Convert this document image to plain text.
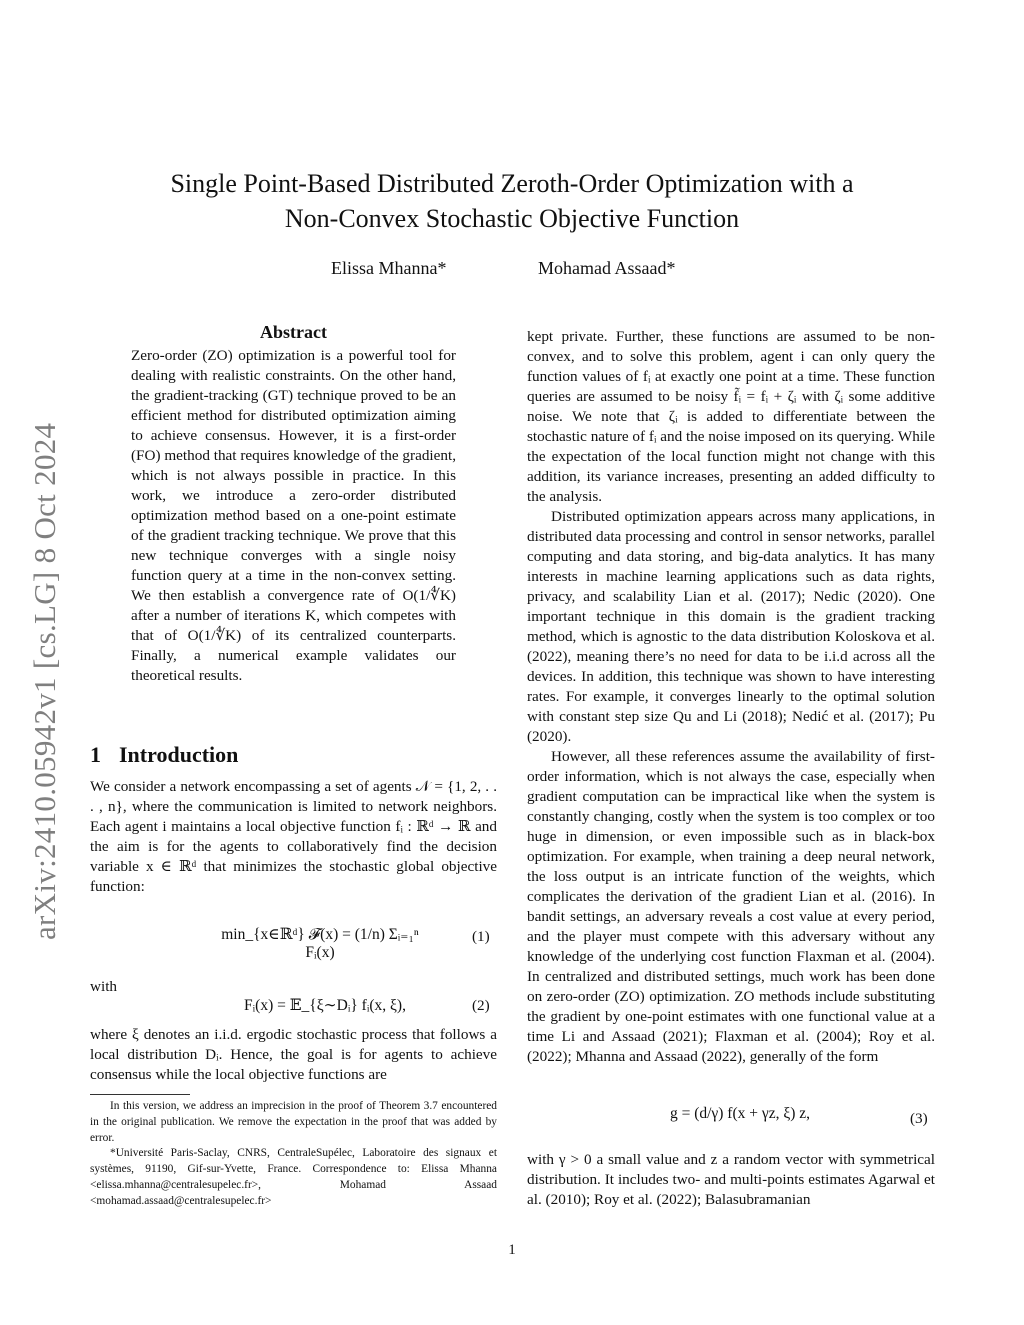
arXiv:2410.05942v1 [cs.LG] 8 Oct 2024
Single Point-Based Distributed Zeroth-Order Optimization with a
Non-Convex Stochastic Objective Function
Elissa Mhanna*	Mohamad Assaad*
Abstract
Zero-order (ZO) optimization is a powerful tool for dealing with realistic constraints. On the other hand, the gradient-tracking (GT) technique proved to be an efficient method for distributed optimization aiming to achieve consensus. However, it is a first-order (FO) method that requires knowledge of the gradient, which is not always possible in practice. In this work, we introduce a zero-order distributed optimization method based on a one-point estimate of the gradient tracking technique. We prove that this new technique converges with a single noisy function query at a time in the non-convex setting. We then establish a convergence rate of O(1/∜K) after a number of iterations K, which competes with that of O(1/∜K) of its centralized counterparts. Finally, a numerical example validates our theoretical results.
1 Introduction

We consider a network encompassing a set of agents 𝒩 = {1, 2, . . . , n}, where the communication is limited to network neighbors. Each agent i maintains a local objective function fᵢ : ℝᵈ → ℝ and the aim is for the agents to collaboratively find the decision variable x ∈ ℝᵈ that minimizes the stochastic global objective function:

min_{x∈ℝᵈ} 𝓕(x) = (1/n) Σᵢ₌₁ⁿ Fᵢ(x)
(1)
with
Fᵢ(x) = 𝔼_{ξ∼Dᵢ} fᵢ(x, ξ),	(2)

where ξ denotes an i.i.d. ergodic stochastic process that follows a local distribution Dᵢ. Hence, the goal is for agents to achieve consensus while the local objective functions are

In this version, we address an imprecision in the proof of Theorem 3.7 encountered in the original publication. We remove the expectation in the proof that was added by error.

*Université Paris-Saclay, CNRS, CentraleSupélec, Laboratoire des signaux et systèmes, 91190, Gif-sur-Yvette, France. Correspondence to: Elissa Mhanna <elissa.mhanna@centralesupelec.fr>, Mohamad Assaad <mohamad.assaad@centralesupelec.fr>

kept private. Further, these functions are assumed to be non-convex, and to solve this problem, agent i can only query the function values of fᵢ at exactly one point at a time. These function queries are assumed to be noisy f̃ᵢ = fᵢ + ζᵢ with ζᵢ some additive noise. We note that ζᵢ is added to differentiate between the stochastic nature of fᵢ and the noise imposed on its querying. While the expectation of the local function might not change with this addition, its variance increases, presenting an added difficulty to the analysis.

Distributed optimization appears across many applications, in distributed data processing and control in sensor networks, parallel computing and data storing, and big-data analytics. It has many interests in machine learning applications such as data rights, privacy, and scalability Lian et al. (2017); Nedic (2020). One important technique in this domain is the gradient tracking method, which is agnostic to the data distribution Koloskova et al. (2022), meaning there’s no need for data to be i.i.d across all the devices. In addition, this technique was shown to have interesting rates. For example, it converges linearly to the optimal solution with constant step size Qu and Li (2018); Nedić et al. (2017); Pu (2020).

However, all these references assume the availability of first-order information, which is not always the case, especially when gradient computation can be impractical like when the system is constantly changing, costly when the system is too complex or too huge in dimension, or even impossible such as in black-box optimization. For example, when training a deep neural network, the loss output is an intricate function of the weights, which complicates the derivation of the gradient Lian et al. (2016). In bandit settings, an adversary reveals a cost value at every period, and the player must compete with this adversary without any knowledge of the underlying cost function Flaxman et al. (2004). In centralized and distributed settings, much work has been done on zero-order (ZO) optimization. ZO methods include substituting the gradient by one-point estimates with one functional value at a time Li and Assaad (2021); Flaxman et al. (2004); Roy et al. (2022); Mhanna and Assaad (2022), generally of the form

g = (d/γ) f(x + γz, ξ) z,	(3)

with γ > 0 a small value and z a random vector with symmetrical distribution. It includes two- and multi-points estimates Agarwal et al. (2010); Roy et al. (2022); Balasubramanian

1
